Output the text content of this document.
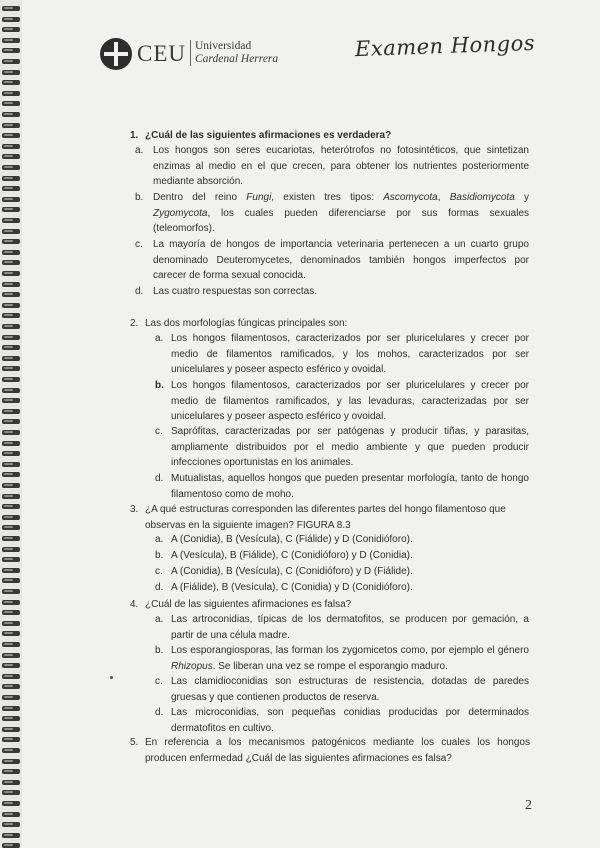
CEU Universidad
Cardenal Herrera	Examen Hongos
1. ¿Cuál de las siguientes afirmaciones es verdadera?
a. Los hongos son seres eucariotas, heterótrofos no fotosintéticos, que sintetizan enzimas al medio en el que crecen, para obtener los nutrientes posteriormente mediante absorción.
b. Dentro del reino Fungi, existen tres tipos: Ascomycota, Basidiomycota y Zygomycota, los cuales pueden diferenciarse por sus formas sexuales (teleomorfos).
c.	La mayoría de hongos de importancia veterinaria pertenecen a un cuarto grupo denominado Deuteromycetes, denominados también hongos imperfectos por carecer de forma sexual conocida.
d. Las cuatro respuestas son correctas.
2. Las dos morfologías fúngicas principales son:
a. Los hongos filamentosos, caracterizados por ser pluricelulares y crecer por medio de filamentos ramificados, y los mohos, caracterizados por ser unicelulares y poseer aspecto esférico y ovoidal.
b. Los hongos filamentosos, caracterizados por ser pluricelulares y crecer por medio de filamentos ramificados, y las levaduras, caracterizadas por ser unicelulares y poseer aspecto esférico y ovoidal.
c. Saprófitas, caracterizadas por ser patógenas y producir tiñas, y parasitas, ampliamente distribuidos por el medio ambiente y que pueden producir infecciones oportunistas en los animales.
d. Mutualistas, aquellos hongos que pueden presentar morfología, tanto de hongo filamentoso como de moho.
3. ¿A qué estructuras corresponden las diferentes partes del hongo filamentoso que observas en la siguiente imagen? FIGURA 8.3
a. A (Conidia), B (Vesícula), C (Fiálide) y D (Conidióforo).
b. A (Vesícula), B (Fiálide), C (Conidióforo) y D (Conidia).
c. A (Conidia), B (Vesícula), C (Conidióforo) y D (Fiálide).
d. A (Fiálide), B (Vesícula), C (Conidia) y D (Conidióforo).
4. ¿Cuál de las siguientes afirmaciones es falsa?
a. Las artroconidias, típicas de los dermatofitos, se producen por gemación, a partir de una célula madre.
b. Los esporangiosporas, las forman los zygomicetos como, por ejemplo el género Rhizopus. Se liberan una vez se rompe el esporangio maduro.
c. Las clamidioconidias son estructuras de resistencia, dotadas de paredes gruesas y que contienen productos de reserva.
d. Las microconidias, son pequeñas conidias producidas por determinados dermatofitos en cultivo.
5. En referencia a los mecanismos patogénicos mediante los cuales los hongos producen enfermedad ¿Cuál de las siguientes afirmaciones es falsa?
2
